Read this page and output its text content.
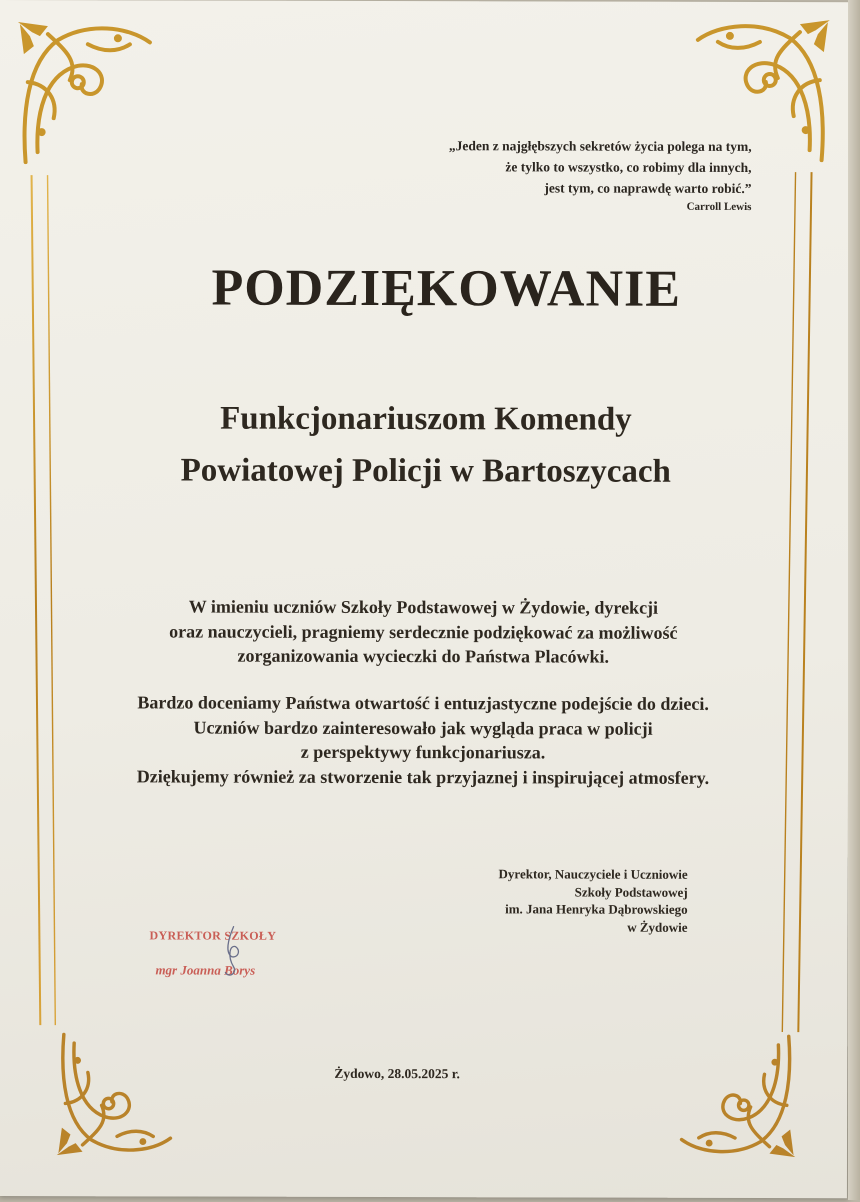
„Jeden z najgłębszych sekretów życia polega na tym,
że tylko to wszystko, co robimy dla innych,
jest tym, co naprawdę warto robić.”
Carroll Lewis
PODZIĘKOWANIE
Funkcjonariuszom Komendy
Powiatowej Policji w Bartoszycach
W imieniu uczniów Szkoły Podstawowej w Żydowie, dyrekcji
oraz nauczycieli, pragniemy serdecznie podziękować za możliwość
zorganizowania wycieczki do Państwa Placówki.
Bardzo doceniamy Państwa otwartość i entuzjastyczne podejście do dzieci.
Uczniów bardzo zainteresowało jak wygląda praca w policji
z perspektywy funkcjonariusza.
Dziękujemy również za stworzenie tak przyjaznej i inspirującej atmosfery.
Dyrektor, Nauczyciele i Uczniowie
Szkoły Podstawowej
im. Jana Henryka Dąbrowskiego
w Żydowie
DYREKTOR SZKOŁY
mgr Joanna Borys
Żydowo, 28.05.2025 r.
